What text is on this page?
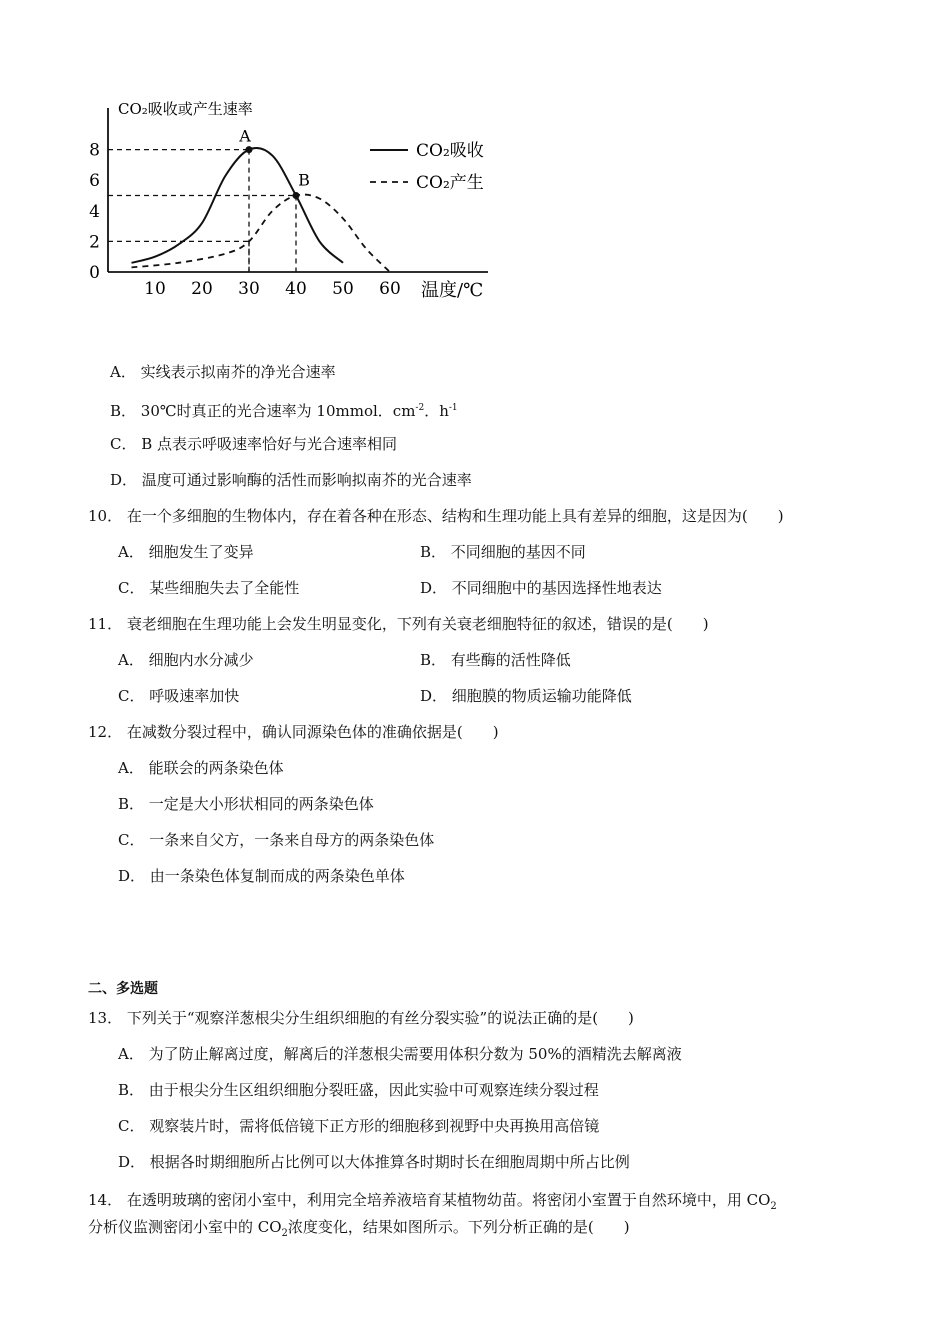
CO₂吸收或产生速率
温度/℃
10 20 30 40 50 60
0
2
4
6
8
A
B
CO₂吸收
CO₂产生
A． 实线表示拟南芥的净光合速率
B． 30℃时真正的光合速率为 10mmol．$cm^{-2}$．$h^{-1}$
C． B 点表示呼吸速率恰好与光合速率相同
D． 温度可通过影响酶的活性而影响拟南芥的光合速率
10． 在一个多细胞的生物体内，存在着各种在形态、结构和生理功能上具有差异的细胞，这是因为(　　)
A． 细胞发生了变异	B． 不同细胞的基因不同
C． 某些细胞失去了全能性	D． 不同细胞中的基因选择性地表达
11． 衰老细胞在生理功能上会发生明显变化，下列有关衰老细胞特征的叙述，错误的是(　　)
A． 细胞内水分减少	B． 有些酶的活性降低
C． 呼吸速率加快	D． 细胞膜的物质运输功能降低
12． 在减数分裂过程中，确认同源染色体的准确依据是(　　)
A． 能联会的两条染色体
B． 一定是大小形状相同的两条染色体
C． 一条来自父方，一条来自母方的两条染色体
D． 由一条染色体复制而成的两条染色单体
二、多选题
13． 下列关于“观察洋葱根尖分生组织细胞的有丝分裂实验”的说法正确的是(　　)
A． 为了防止解离过度，解离后的洋葱根尖需要用体积分数为 50%的酒精洗去解离液
B． 由于根尖分生区组织细胞分裂旺盛，因此实验中可观察连续分裂过程
C． 观察装片时，需将低倍镜下正方形的细胞移到视野中央再换用高倍镜
D． 根据各时期细胞所占比例可以大体推算各时期时长在细胞周期中所占比例
14． 在透明玻璃的密闭小室中，利用完全培养液培育某植物幼苗。将密闭小室置于自然环境中，用 $CO_2$
分析仪监测密闭小室中的 $CO_2$浓度变化，结果如图所示。下列分析正确的是(　　)
